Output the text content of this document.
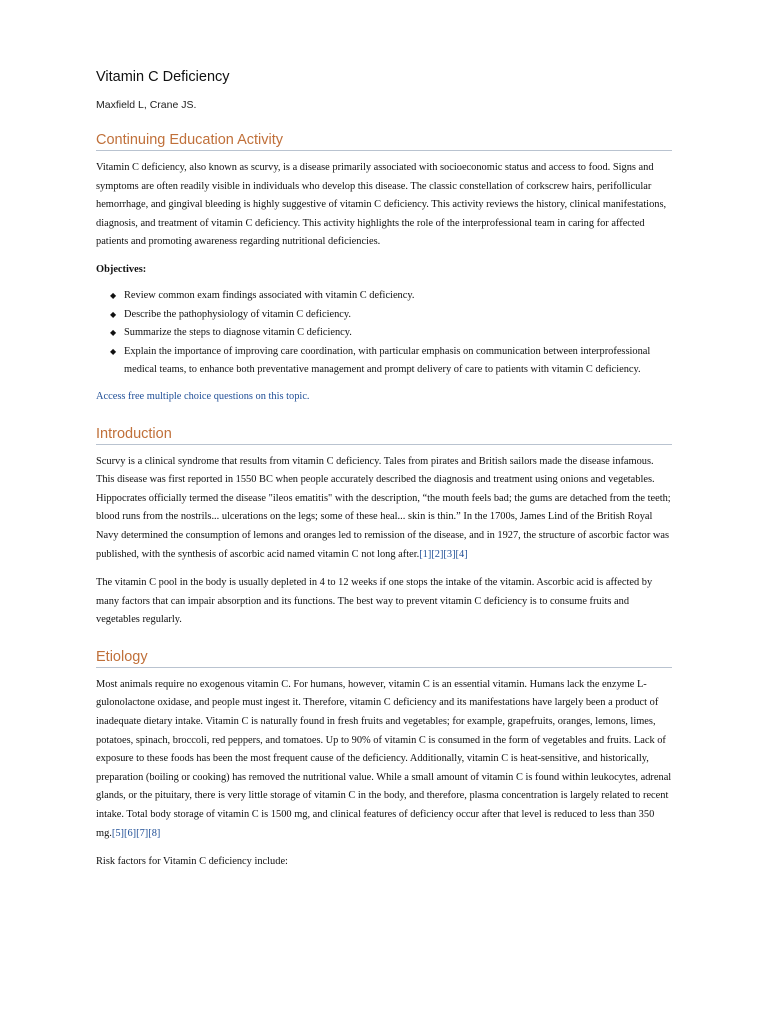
Vitamin C Deficiency
Maxfield L, Crane JS.
Continuing Education Activity

Vitamin C deficiency, also known as scurvy, is a disease primarily associated with socioeconomic status and access to food. Signs and symptoms are often readily visible in individuals who develop this disease. The classic constellation of corkscrew hairs, perifollicular hemorrhage, and gingival bleeding is highly suggestive of vitamin C deficiency. This activity reviews the history, clinical manifestations, diagnosis, and treatment of vitamin C deficiency. This activity highlights the role of the interprofessional team in caring for affected patients and promoting awareness regarding nutritional deficiencies.

Objectives:

◆ Review common exam findings associated with vitamin C deficiency.
◆ Describe the pathophysiology of vitamin C deficiency.
◆ Summarize the steps to diagnose vitamin C deficiency.
◆ Explain the importance of improving care coordination, with particular emphasis on communication between interprofessional medical teams, to enhance both preventative management and prompt delivery of care to patients with vitamin C deficiency.

Access free multiple choice questions on this topic.

Introduction

Scurvy is a clinical syndrome that results from vitamin C deficiency. Tales from pirates and British sailors made the disease infamous. This disease was first reported in 1550 BC when people accurately described the diagnosis and treatment using onions and vegetables. Hippocrates officially termed the disease "ileos ematitis" with the description, “the mouth feels bad; the gums are detached from the teeth; blood runs from the nostrils... ulcerations on the legs; some of these heal... skin is thin.” In the 1700s, James Lind of the British Royal Navy determined the consumption of lemons and oranges led to remission of the disease, and in 1927, the structure of ascorbic factor was published, with the synthesis of ascorbic acid named vitamin C not long after.[1][2][3][4]

The vitamin C pool in the body is usually depleted in 4 to 12 weeks if one stops the intake of the vitamin. Ascorbic acid is affected by many factors that can impair absorption and its functions. The best way to prevent vitamin C deficiency is to consume fruits and vegetables regularly.

Etiology

Most animals require no exogenous vitamin C. For humans, however, vitamin C is an essential vitamin. Humans lack the enzyme L-gulonolactone oxidase, and people must ingest it. Therefore, vitamin C deficiency and its manifestations have largely been a product of inadequate dietary intake. Vitamin C is naturally found in fresh fruits and vegetables; for example, grapefruits, oranges, lemons, limes, potatoes, spinach, broccoli, red peppers, and tomatoes. Up to 90% of vitamin C is consumed in the form of vegetables and fruits. Lack of exposure to these foods has been the most frequent cause of the deficiency. Additionally, vitamin C is heat-sensitive, and historically, preparation (boiling or cooking) has removed the nutritional value. While a small amount of vitamin C is found within leukocytes, adrenal glands, or the pituitary, there is very little storage of vitamin C in the body, and therefore, plasma concentration is largely related to recent intake. Total body storage of vitamin C is 1500 mg, and clinical features of deficiency occur after that level is reduced to less than 350 mg.[5][6][7][8]

Risk factors for Vitamin C deficiency include:
